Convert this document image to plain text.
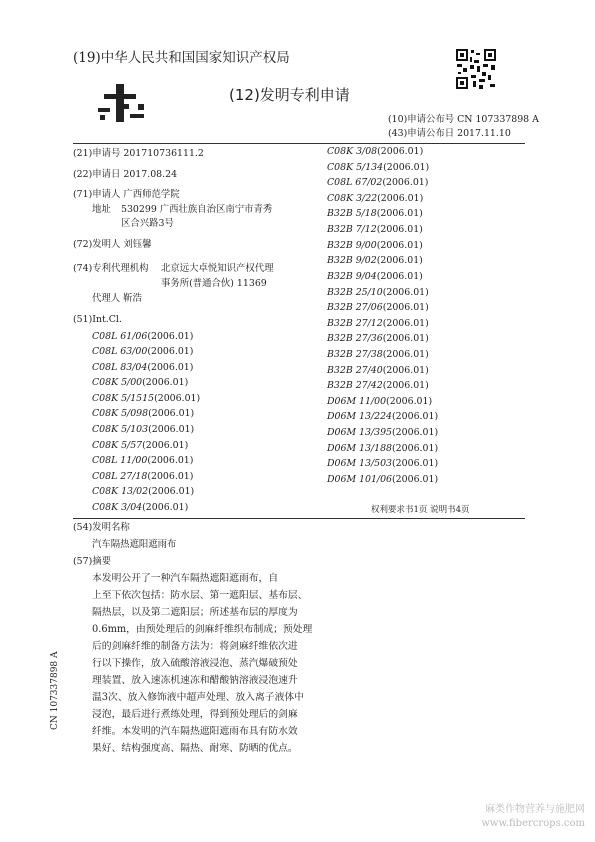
(19)中华人民共和国国家知识产权局
(12)发明专利申请
(10)申请公布号 CN 107337898 A
(43)申请公布日 2017.11.10
(21)申请号 201710736111.2
(22)申请日 2017.08.24
(71)申请人 广西师范学院
地址 530299 广西壮族自治区南宁市青秀
区合兴路3号
(72)发明人 刘钰馨
(74)专利代理机构 北京远大卓悦知识产权代理
事务所(普通合伙) 11369
代理人 靳浩
(51)Int.Cl.
C08L 61/06(2006.01)
C08L 63/00(2006.01)
C08L 83/04(2006.01)
C08K 5/00(2006.01)
C08K 5/1515(2006.01)
C08K 5/098(2006.01)
C08K 5/103(2006.01)
C08K 5/57(2006.01)
C08L 11/00(2006.01)
C08L 27/18(2006.01)
C08K 13/02(2006.01)
C08K 3/04(2006.01)
C08K 3/08(2006.01)
C08K 5/134(2006.01)
C08L 67/02(2006.01)
C08K 3/22(2006.01)
B32B 5/18(2006.01)
B32B 7/12(2006.01)
B32B 9/00(2006.01)
B32B 9/02(2006.01)
B32B 9/04(2006.01)
B32B 25/10(2006.01)
B32B 27/06(2006.01)
B32B 27/12(2006.01)
B32B 27/36(2006.01)
B32B 27/38(2006.01)
B32B 27/40(2006.01)
B32B 27/42(2006.01)
D06M 11/00(2006.01)
D06M 13/224(2006.01)
D06M 13/395(2006.01)
D06M 13/188(2006.01)
D06M 13/503(2006.01)
D06M 101/06(2006.01)
权利要求书1页 说明书4页
(54)发明名称
汽车隔热遮阳遮雨布
(57)摘要
本发明公开了一种汽车隔热遮阳遮雨布，自
上至下依次包括：防水层、第一遮阳层、基布层、
隔热层，以及第二遮阳层；所述基布层的厚度为
0.6mm，由预处理后的剑麻纤维织布制成；预处理
后的剑麻纤维的制备方法为：将剑麻纤维依次进
行以下操作，放入硫酸溶液浸泡、蒸汽爆破预处
理装置、放入速冻机速冻和醋酸钠溶液浸泡速升
温3次、放入修饰液中超声处理、放入离子液体中
浸泡，最后进行煮练处理，得到预处理后的剑麻
纤维。本发明的汽车隔热遮阳遮雨布具有防水效
果好、结构强度高、隔热、耐寒、防晒的优点。
CN 107337898 A
麻类作物营养与施肥网
www.fibercrops.com
